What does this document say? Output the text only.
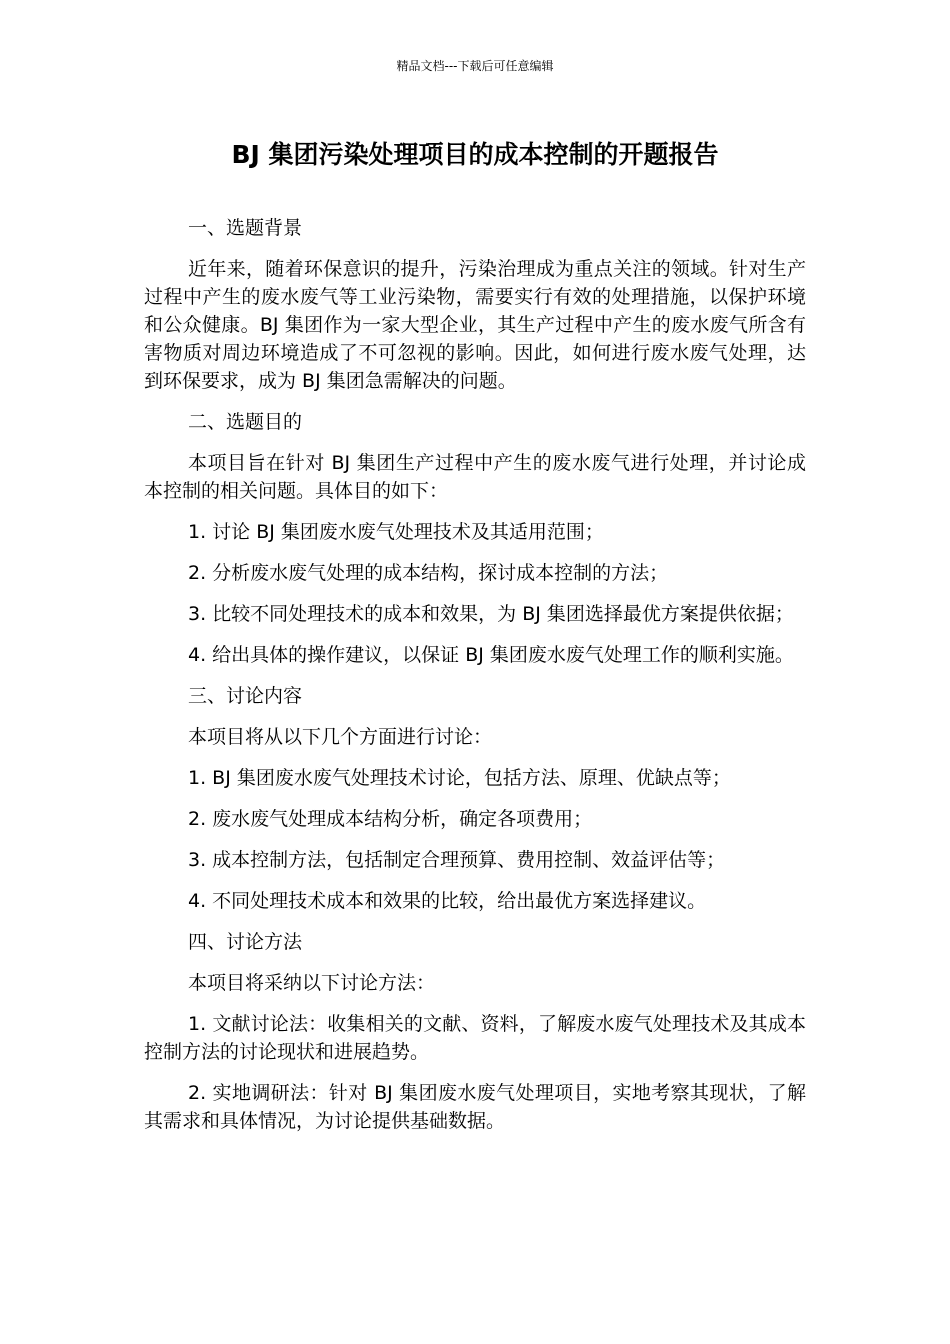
精品文档---下载后可任意编辑
BJ 集团污染处理项目的成本控制的开题报告

一、选题背景

近年来，随着环保意识的提升，污染治理成为重点关注的领域。针对生产过程中产生的废水废气等工业污染物，需要实行有效的处理措施，以保护环境和公众健康。BJ 集团作为一家大型企业，其生产过程中产生的废水废气所含有害物质对周边环境造成了不可忽视的影响。因此，如何进行废水废气处理，达到环保要求，成为 BJ 集团急需解决的问题。

二、选题目的

本项目旨在针对 BJ 集团生产过程中产生的废水废气进行处理，并讨论成本控制的相关问题。具体目的如下：

1. 讨论 BJ 集团废水废气处理技术及其适用范围；

2. 分析废水废气处理的成本结构，探讨成本控制的方法；

3. 比较不同处理技术的成本和效果，为 BJ 集团选择最优方案提供依据；

4. 给出具体的操作建议，以保证 BJ 集团废水废气处理工作的顺利实施。

三、讨论内容

本项目将从以下几个方面进行讨论：

1. BJ 集团废水废气处理技术讨论，包括方法、原理、优缺点等；

2. 废水废气处理成本结构分析，确定各项费用；

3. 成本控制方法，包括制定合理预算、费用控制、效益评估等；

4. 不同处理技术成本和效果的比较，给出最优方案选择建议。

四、讨论方法

本项目将采纳以下讨论方法：

1. 文献讨论法：收集相关的文献、资料，了解废水废气处理技术及其成本控制方法的讨论现状和进展趋势。

2. 实地调研法：针对 BJ 集团废水废气处理项目，实地考察其现状，了解其需求和具体情况，为讨论提供基础数据。
